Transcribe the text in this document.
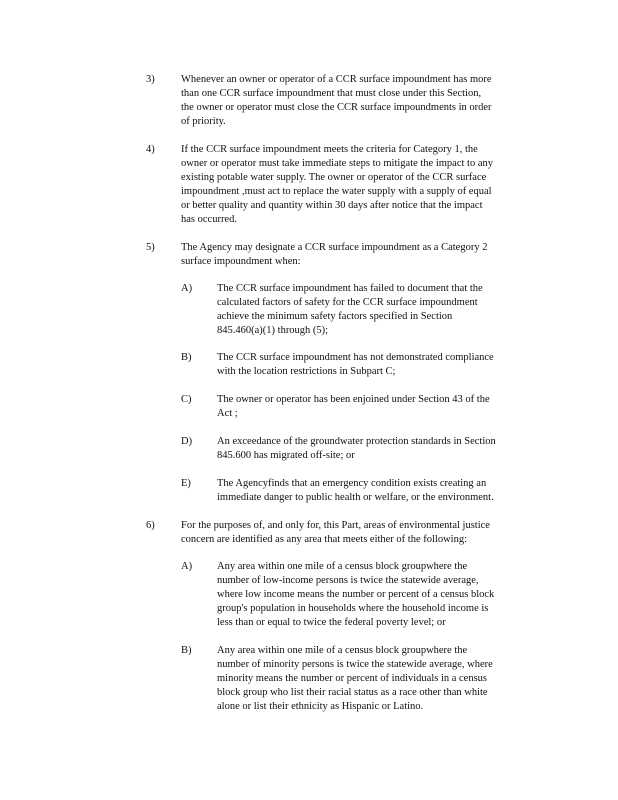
3)	Whenever an owner or operator of a CCR surface impoundment has more
than one CCR surface impoundment that must close under this Section,
the owner or operator must close the CCR surface impoundments in order
of priority.
4)	If the CCR surface impoundment meets the criteria for Category 1, the
owner or operator must take immediate steps to mitigate the impact to any
existing potable water supply. The owner or operator of the CCR surface
impoundment ,must act to replace the water supply with a supply of equal
or better quality and quantity within 30 days after notice that the impact
has occurred.
5)	The Agency may designate a CCR surface impoundment as a Category 2
surface impoundment when:
A) The CCR surface impoundment has failed to document that the
calculated factors of safety for the CCR surface impoundment
achieve the minimum safety factors specified in Section
845.460(a)(1) through (5);
B) The CCR surface impoundment has not demonstrated compliance
with the location restrictions in Subpart C;
C) The owner or operator has been enjoined under Section 43 of the
Act ;
D) An exceedance of the groundwater protection standards in Section
845.600 has migrated off-site; or
E) The Agencyfinds that an emergency condition exists creating an
immediate danger to public health or welfare, or the environment.
6)	For the purposes of, and only for, this Part, areas of environmental justice
concern are identified as any area that meets either of the following:
A) Any area within one mile of a census block groupwhere the
number of low-income persons is twice the statewide average,
where low income means the number or percent of a census block
group's population in households where the household income is
less than or equal to twice the federal poverty level; or
B) Any area within one mile of a census block groupwhere the
number of minority persons is twice the statewide average, where
minority means the number or percent of individuals in a census
block group who list their racial status as a race other than white
alone or list their ethnicity as Hispanic or Latino.
